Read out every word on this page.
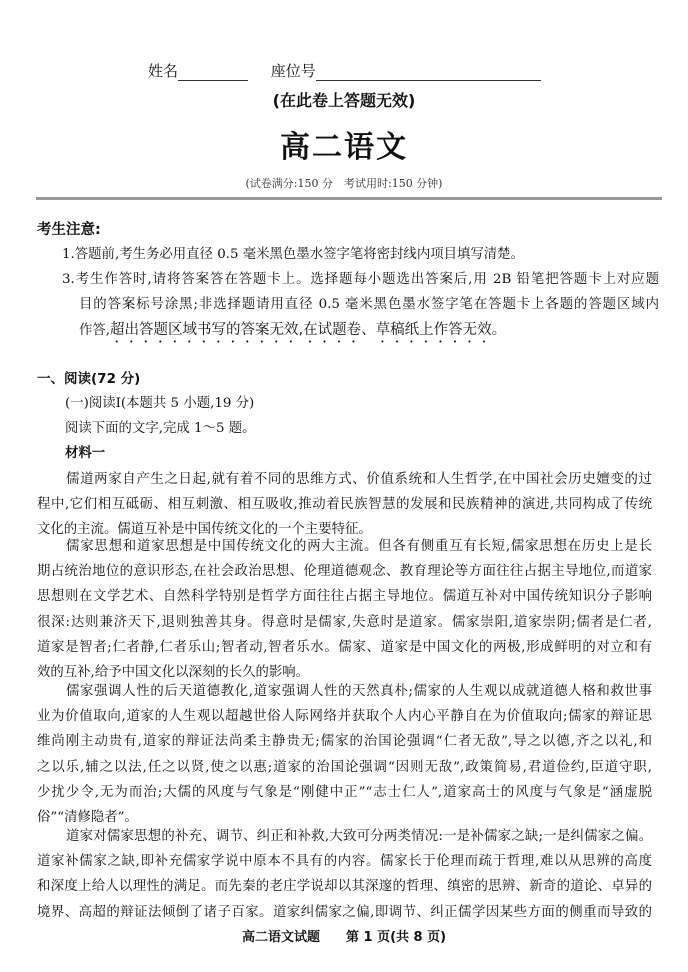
姓名	座位号
(在此卷上答题无效)
高二语文
(试卷满分:150 分　考试用时:150 分钟)
考生注意:
1.答题前,考生务必用直径 0.5 毫米黑色墨水签字笔将密封线内项目填写清楚。
3.考生作答时,请将答案答在答题卡上。选择题每小题选出答案后,用 2B 铅笔把答题卡上对应题
目的答案标号涂黑;非选择题请用直径 0.5 毫米黑色墨水签字笔在答题卡上各题的答题区域内
作答,超出答题区域书写的答案无效,在试题卷、草稿纸上作答无效。
一、阅读(72 分)
(一)阅读Ⅰ(本题共 5 小题,19 分)
阅读下面的文字,完成 1～5 题。
材料一
儒道两家自产生之日起,就有着不同的思维方式、价值系统和人生哲学,在中国社会历史嬗变的过
程中,它们相互砥砺、相互刺激、相互吸收,推动着民族智慧的发展和民族精神的演进,共同构成了传统
文化的主流。儒道互补是中国传统文化的一个主要特征。
儒家思想和道家思想是中国传统文化的两大主流。但各有侧重互有长短,儒家思想在历史上是长
期占统治地位的意识形态,在社会政治思想、伦理道德观念、教育理论等方面往往占据主导地位,而道家
思想则在文学艺术、自然科学特别是哲学方面往往占据主导地位。儒道互补对中国传统知识分子影响
很深:达则兼济天下,退则独善其身。得意时是儒家,失意时是道家。儒家崇阳,道家崇阴;儒者是仁者,
道家是智者;仁者静,仁者乐山;智者动,智者乐水。儒家、道家是中国文化的两极,形成鲜明的对立和有
效的互补,给予中国文化以深刻的长久的影响。
儒家强调人性的后天道德教化,道家强调人性的天然真朴;儒家的人生观以成就道德人格和救世事
业为价值取向,道家的人生观以超越世俗人际网络并获取个人内心平静自在为价值取向;儒家的辩证思
维尚刚主动贵有,道家的辩证法尚柔主静贵无;儒家的治国论强调“仁者无敌”,导之以德,齐之以礼,和
之以乐,辅之以法,任之以贤,使之以惠;道家的治国论强调“因则无敌”,政策简易,君道俭约,臣道守职,
少扰少令,无为而治;大儒的风度与气象是“刚健中正”“志士仁人”,道家高士的风度与气象是“涵虚脱
俗”“清修隐者”。
道家对儒家思想的补充、调节、纠正和补救,大致可分两类情况:一是补儒家之缺;一是纠儒家之偏。
道家补儒家之缺,即补充儒家学说中原本不具有的内容。儒家长于伦理而疏于哲理,难以从思辨的高度
和深度上给人以理性的满足。而先秦的老庄学说却以其深邃的哲理、缜密的思辨、新奇的道论、卓异的
境界、高超的辩证法倾倒了诸子百家。道家纠儒家之偏,即调节、纠正儒学因某些方面的侧重而导致的
高二语文试题 第 1 页(共 8 页)
